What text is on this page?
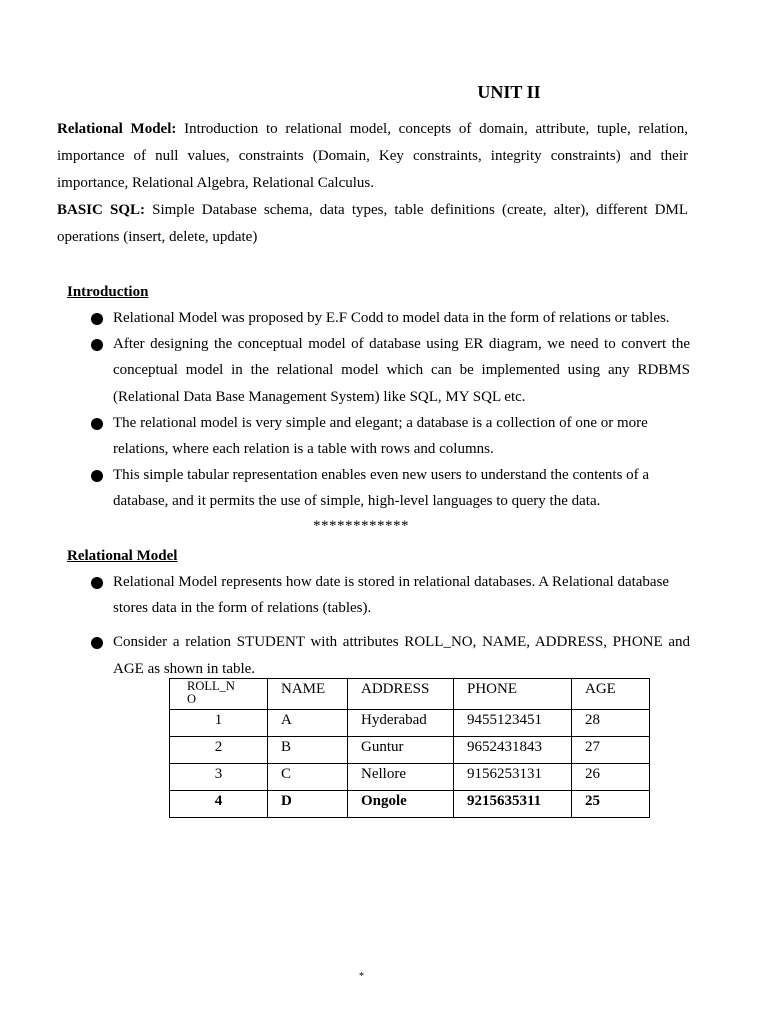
UNIT II

Relational Model: Introduction to relational model, concepts of domain, attribute, tuple, relation, importance of null values, constraints (Domain, Key constraints, integrity constraints) and their importance, Relational Algebra, Relational Calculus.

BASIC SQL: Simple Database schema, data types, table definitions (create, alter), different DML operations (insert, delete, update)

Introduction
Relational Model was proposed by E.F Codd to model data in the form of relations or tables.
After designing the conceptual model of database using ER diagram, we need to convert the conceptual model in the relational model which can be implemented using any RDBMS (Relational Data Base Management System) like SQL, MY SQL etc.
The relational model is very simple and elegant; a database is a collection of one or more relations, where each relation is a table with rows and columns.
This simple tabular representation enables even new users to understand the contents of a database, and it permits the use of simple, high-level languages to query the data.
************
Relational Model
Relational Model represents how date is stored in relational databases. A Relational database stores data in the form of relations (tables).
Consider a relation STUDENT with attributes ROLL_NO, NAME, ADDRESS, PHONE and AGE as shown in table.
ROLL_NO	NAME	ADDRESS	PHONE	AGE
1	A	Hyderabad	9455123451	28
2	B	Guntur	9652431843	27
3	C	Nellore	9156253131	26
4	D	Ongole	9215635311	25
*
